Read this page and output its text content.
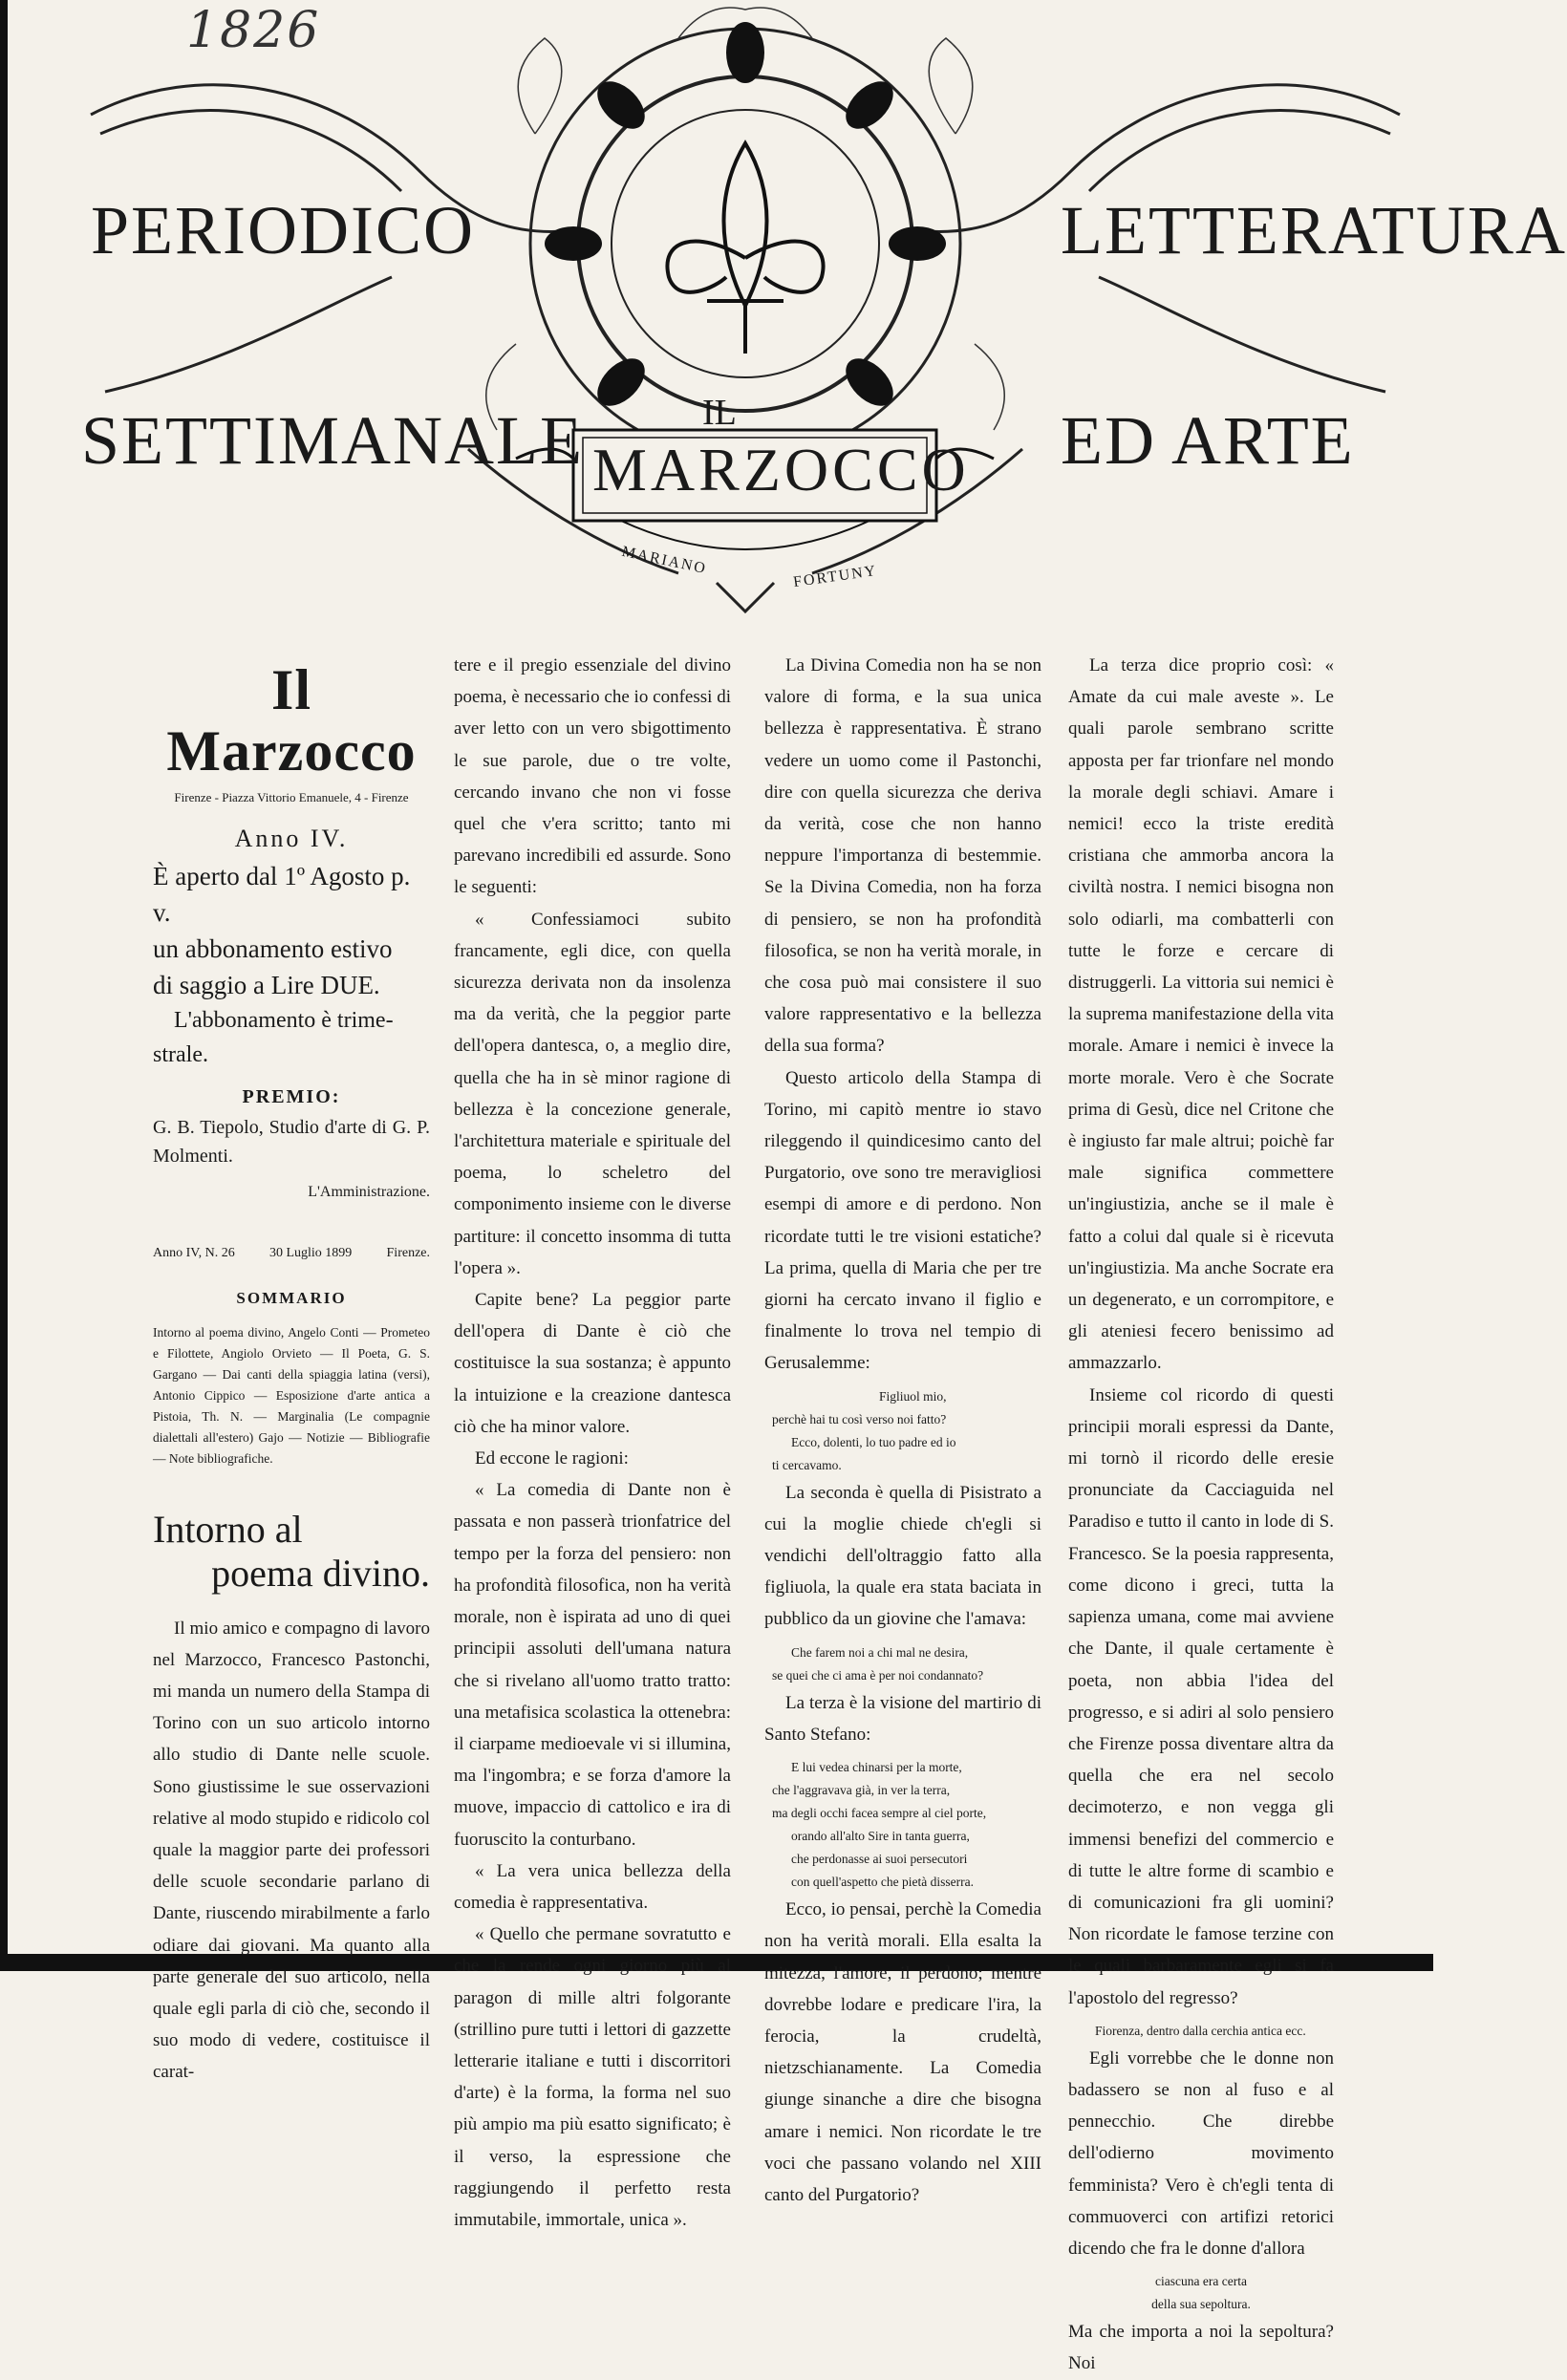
1826
PERIODICO	LETTERATURA
SETTIMANALE	ED ARTE
IL
MARZOCCO
MARIANO	FORTUNY
Il Marzocco
Firenze - Piazza Vittorio Emanuele, 4 - Firenze
Anno IV.
È aperto dal 1º Agosto p. v.
un abbonamento estivo
di saggio a Lire DUE.
L'abbonamento è trime-
strale.
PREMIO:
G. B. Tiepolo, Studio d'arte di G. P. Molmenti.
L'Amministrazione.
Anno IV, N. 26	30 Luglio 1899	Firenze.
SOMMARIO
Intorno al poema divino, Angelo Conti — Prometeo e Filottete, Angiolo Orvieto — Il Poeta, G. S. Gargano — Dai canti della spiaggia latina (versi), Antonio Cippico — Esposizione d'arte antica a Pistoia, Th. N. — Marginalia (Le compagnie dialettali all'estero) Gajo — Notizie — Bibliografie — Note bibliografiche.
Intorno al
poema divino.

Il mio amico e compagno di lavoro nel Marzocco, Francesco Pastonchi, mi manda un numero della Stampa di Torino con un suo articolo intorno allo studio di Dante nelle scuole. Sono giustissime le sue osservazioni relative al modo stupido e ridicolo col quale la maggior parte dei professori delle scuole secondarie parlano di Dante, riuscendo mirabilmente a farlo odiare dai giovani. Ma quanto alla parte generale del suo articolo, nella quale egli parla di ciò che, secondo il suo modo di vedere, costituisce il carat-

tere e il pregio essenziale del divino poema, è necessario che io confessi di aver letto con un vero sbigottimento le sue parole, due o tre volte, cercando invano che non vi fosse quel che v'era scritto; tanto mi parevano incredibili ed assurde. Sono le seguenti:

« Confessiamoci subito francamente, egli dice, con quella sicurezza derivata non da insolenza ma da verità, che la peggior parte dell'opera dantesca, o, a meglio dire, quella che ha in sè minor ragione di bellezza è la concezione generale, l'architettura materiale e spirituale del poema, lo scheletro del componimento insieme con le diverse partiture: il concetto insomma di tutta l'opera ».

Capite bene? La peggior parte dell'opera di Dante è ciò che costituisce la sua sostanza; è appunto la intuizione e la creazione dantesca ciò che ha minor valore.

Ed eccone le ragioni:

« La comedia di Dante non è passata e non passerà trionfatrice del tempo per la forza del pensiero: non ha profondità filosofica, non ha verità morale, non è ispirata ad uno di quei principii assoluti dell'umana natura che si rivelano all'uomo tratto tratto: una metafisica scolastica la ottenebra: il ciarpame medioevale vi si illumina, ma l'ingombra; e se forza d'amore la muove, impaccio di cattolico e ira di fuoruscito la conturbano.

« La vera unica bellezza della comedia è rappresentativa.

« Quello che permane sovratutto e che la rende ogni giorno più al paragon di mille altri folgorante (strillino pure tutti i lettori di gazzette letterarie italiane e tutti i discorritori d'arte) è la forma, la forma nel suo più ampio ma più esatto significato; è il verso, la espressione che raggiungendo il perfetto resta immutabile, immortale, unica ».

La Divina Comedia non ha se non valore di forma, e la sua unica bellezza è rappresentativa. È strano vedere un uomo come il Pastonchi, dire con quella sicurezza che deriva da verità, cose che non hanno neppure l'importanza di bestemmie. Se la Divina Comedia, non ha forza di pensiero, se non ha profondità filosofica, se non ha verità morale, in che cosa può mai consistere il suo valore rappresentativo e la bellezza della sua forma?

Questo articolo della Stampa di Torino, mi capitò mentre io stavo rileggendo il quindicesimo canto del Purgatorio, ove sono tre meravigliosi esempi di amore e di perdono. Non ricordate tutti le tre visioni estatiche? La prima, quella di Maria che per tre giorni ha cercato invano il figlio e finalmente lo trova nel tempio di Gerusalemme:

Figliuol mio,
perchè hai tu così verso noi fatto?
Ecco, dolenti, lo tuo padre ed io
ti cercavamo.

La seconda è quella di Pisistrato a cui la moglie chiede ch'egli si vendichi dell'oltraggio fatto alla figliuola, la quale era stata baciata in pubblico da un giovine che l'amava:

Che farem noi a chi mal ne desira,
se quei che ci ama è per noi condannato?

La terza è la visione del martirio di Santo Stefano:

E lui vedea chinarsi per la morte,
che l'aggravava già, in ver la terra,
ma degli occhi facea sempre al ciel porte,
orando all'alto Sire in tanta guerra,
che perdonasse ai suoi persecutori
con quell'aspetto che pietà disserra.

Ecco, io pensai, perchè la Comedia non ha verità morali. Ella esalta la mitezza, l'amore, il perdono; mentre dovrebbe lodare e predicare l'ira, la ferocia, la crudeltà, nietzschianamente. La Comedia giunge sinanche a dire che bisogna amare i nemici. Non ricordate le tre voci che passano volando nel XIII canto del Purgatorio?

La terza dice proprio così: « Amate da cui male aveste ». Le quali parole sembrano scritte apposta per far trionfare nel mondo la morale degli schiavi. Amare i nemici! ecco la triste eredità cristiana che ammorba ancora la civiltà nostra. I nemici bisogna non solo odiarli, ma combatterli con tutte le forze e cercare di distruggerli. La vittoria sui nemici è la suprema manifestazione della vita morale. Amare i nemici è invece la morte morale. Vero è che Socrate prima di Gesù, dice nel Critone che è ingiusto far male altrui; poichè far male significa commettere un'ingiustizia, anche se il male è fatto a colui dal quale si è ricevuta un'ingiustizia. Ma anche Socrate era un degenerato, e un corrompitore, e gli ateniesi fecero benissimo ad ammazzarlo.

Insieme col ricordo di questi principii morali espressi da Dante, mi tornò il ricordo delle eresie pronunciate da Cacciaguida nel Paradiso e tutto il canto in lode di S. Francesco. Se la poesia rappresenta, come dicono i greci, tutta la sapienza umana, come mai avviene che Dante, il quale certamente è poeta, non abbia l'idea del progresso, e si adiri al solo pensiero che Firenze possa diventare altra da quella che era nel secolo decimoterzo, e non vegga gli immensi benefizi del commercio e di tutte le altre forme di scambio e di comunicazioni fra gli uomini? Non ricordate le famose terzine con le quali barbaramente egli si fa l'apostolo del regresso?

Fiorenza, dentro dalla cerchia antica ecc.

Egli vorrebbe che le donne non badassero se non al fuso e al pennecchio. Che direbbe dell'odierno movimento femminista? Vero è ch'egli tenta di commuoverci con artifizi retorici dicendo che fra le donne d'allora

ciascuna era certa
della sua sepoltura.

Ma che importa a noi la sepoltura? Noi
